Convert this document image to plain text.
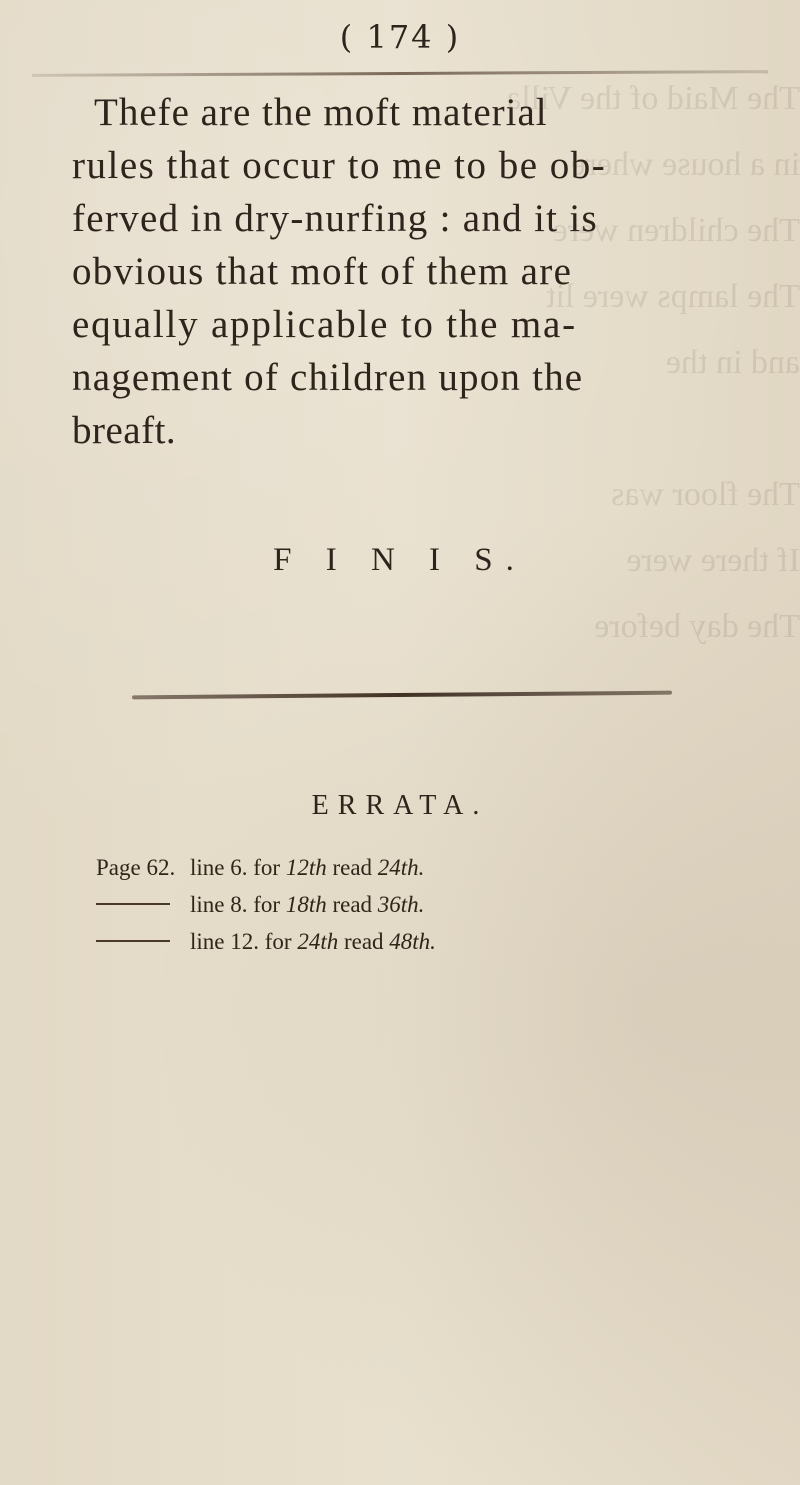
The Maid of the Villa
in a house where
The children were
The lamps were lit
and in the

The floor was
If there were
The day before
( 174 )
Thefe are the moft material
rules that occur to me to be ob-
ferved in dry-nurfing : and it is
obvious that moft of them are
equally applicable to the ma-
nagement of children upon the
breaft.
F I N I S.
ERRATA.
Page 62. line 6.
for
12th
read
24th.
line 8.
for
18th
read
36th.
line 12.
for
24th
read
48th.
